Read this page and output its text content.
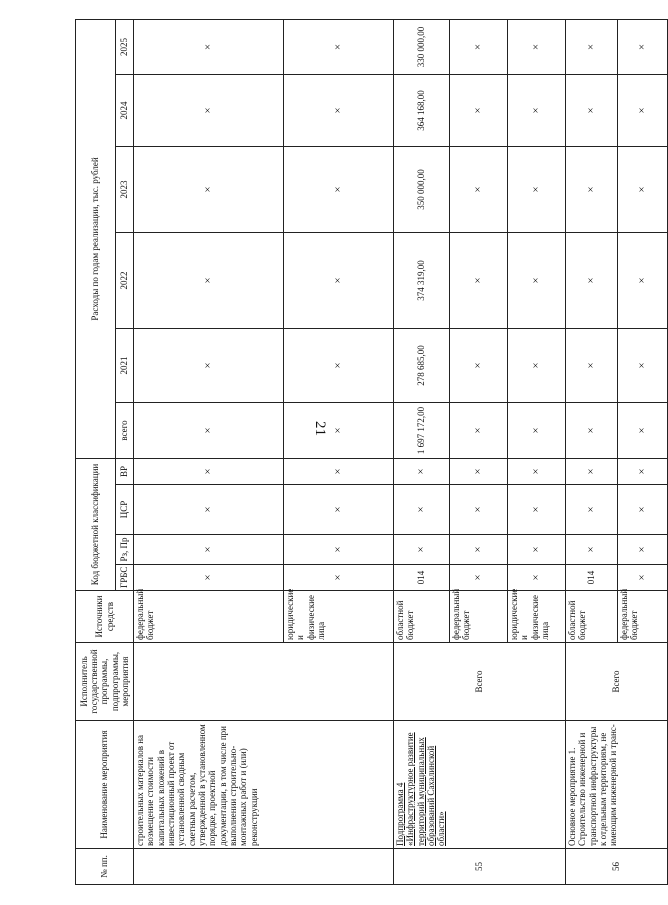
21
№ пп.	Наименование мероприятия	Исполнитель государственной программы, подпрограммы, мероприятия	Источники средств	Код бюджетной классификации				Расходы по годам реализации, тыс. рублей					
				ГРБС	Рз, Пр	ЦСР	ВР	всего	2021	2022	2023	2024	2025
	строительных материалов на возмещение стоимости капитальных вложений в инвестиционный проект от установленной сводным сметным расчетом, утвержденной в установленном порядке, проектной документации, в том числе при выполнении строительно-монтажных работ и (или) реконструкции		федеральный бюджет	×	×	×	×	×	×	×	×	×	×
			юридические и физические лица	×	×	×	×	×	×	×	×	×	×
55	Подпрограмма 4 «Инфраструктурное развитие территорий муниципальных образований Сахалинской области»	Всего	областной бюджет	014	×	×	×	1 697 172,00	278 685,00	374 319,00	350 000,00	364 168,00	330 000,00
			федеральный бюджет	×	×	×	×	×	×	×	×	×	×
			юридические и физические лица	×	×	×	×	×	×	×	×	×	×
56	Основное мероприятие 1. Строительство инженерной и транспортной инфраструктуры к отдельным территориям, не имеющим инженерной и транс-	Всего	областной бюджет	014	×	×	×	×	×	×	×	×	×
			федеральный бюджет	×	×	×	×	×	×	×	×	×	×
